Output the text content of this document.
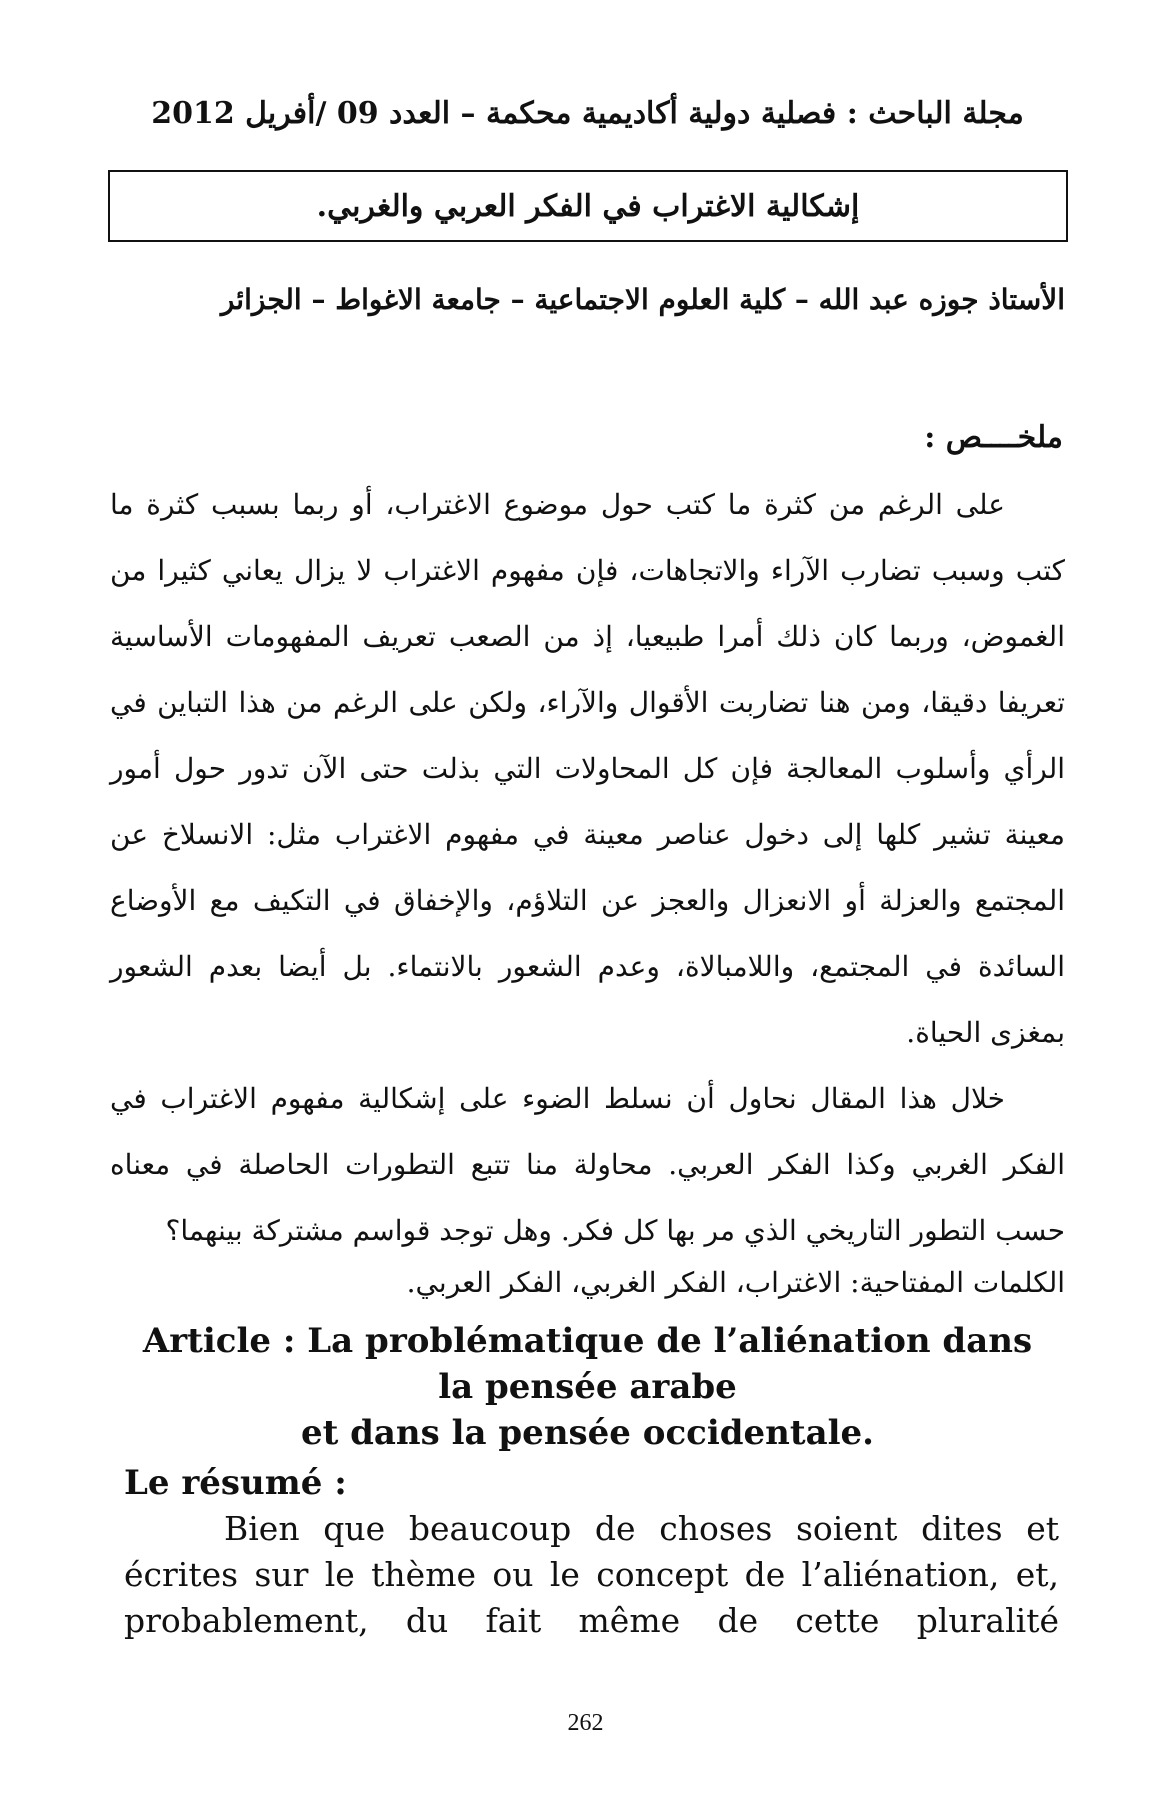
مجلة الباحث : فصلية دولية أكاديمية محكمة – العدد 09 /أفريل 2012
إشكالية الاغتراب في الفكر العربي والغربي.
الأستاذ جوزه عبد الله – كلية العلوم الاجتماعية – جامعة الاغواط – الجزائر
ملخــــص :

على الرغم من كثرة ما كتب حول موضوع الاغتراب، أو ربما بسبب كثرة ما كتب وسبب تضارب الآراء والاتجاهات، فإن مفهوم الاغتراب لا يزال يعاني كثيرا من الغموض، وربما كان ذلك أمرا طبيعيا، إذ من الصعب تعريف المفهومات الأساسية تعريفا دقيقا، ومن هنا تضاربت الأقوال والآراء، ولكن على الرغم من هذا التباين في الرأي وأسلوب المعالجة فإن كل المحاولات التي بذلت حتى الآن تدور حول أمور معينة تشير كلها إلى دخول عناصر معينة في مفهوم الاغتراب مثل: الانسلاخ عن المجتمع والعزلة أو الانعزال والعجز عن التلاؤم، والإخفاق في التكيف مع الأوضاع السائدة في المجتمع، واللامبالاة، وعدم الشعور بالانتماء. بل أيضا بعدم الشعور بمغزى الحياة.

خلال هذا المقال نحاول أن نسلط الضوء على إشكالية مفهوم الاغتراب في الفكر الغربي وكذا الفكر العربي. محاولة منا تتبع التطورات الحاصلة في معناه حسب التطور التاريخي الذي مر بها كل فكر. وهل توجد قواسم مشتركة بينهما؟

الكلمات المفتاحية: الاغتراب، الفكر الغربي، الفكر العربي.
Article : La problématique de l’aliénation dans
la pensée arabe
et dans la pensée occidentale.
Le résumé :

Bien que beaucoup de choses soient dites et écrites sur le thème ou le concept de l’aliénation, et, probablement, du fait même de cette pluralité

262
